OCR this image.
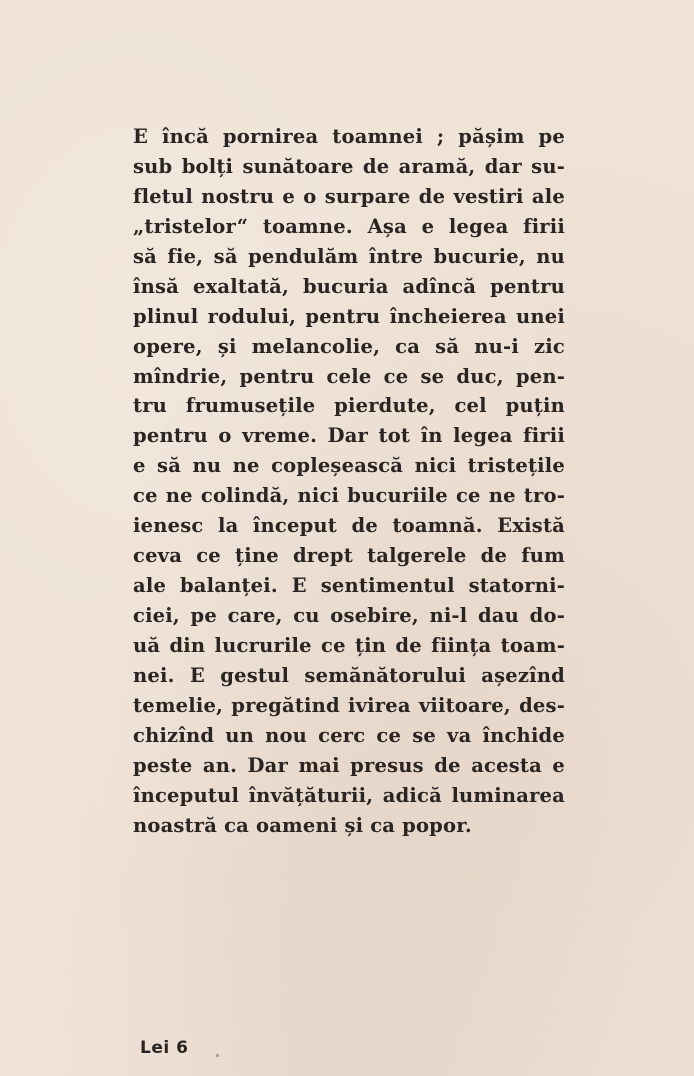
E încă pornirea toamnei ; pășim pe
sub bolți sunătoare de aramă, dar su-
fletul nostru e o surpare de vestiri ale
„tristelor“ toamne. Așa e legea firii
să fie, să pendulăm între bucurie, nu
însă exaltată, bucuria adîncă pentru
plinul rodului, pentru încheierea unei
opere, și melancolie, ca să nu-i zic
mîndrie, pentru cele ce se duc, pen-
tru frumusețile pierdute, cel puțin
pentru o vreme. Dar tot în legea firii
e să nu ne copleșească nici tristețile
ce ne colindă, nici bucuriile ce ne tro-
ienesc la început de toamnă. Există
ceva ce ține drept talgerele de fum
ale balanței. E sentimentul statorni-
ciei, pe care, cu osebire, ni-l dau do-
uă din lucrurile ce țin de ființa toam-
nei. E gestul semănătorului așezînd
temelie, pregătind ivirea viitoare, des-
chizînd un nou cerc ce se va închide
peste an. Dar mai presus de acesta e
începutul învățăturii, adică luminarea
noastră ca oameni și ca popor.
Lei 6
